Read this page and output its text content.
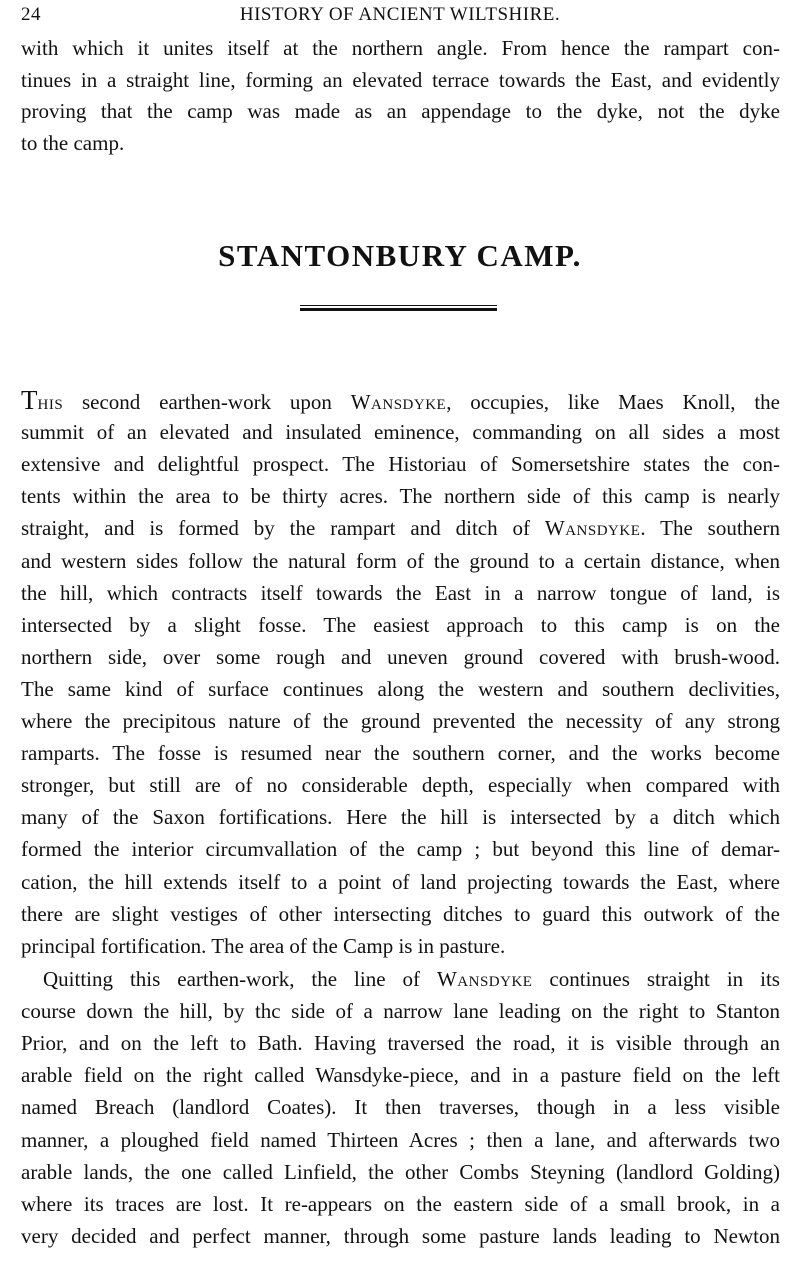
24	HISTORY OF ANCIENT WILTSHIRE.
STANTONBURY CAMP.
with which it unites itself at the northern angle. From hence the rampart con-
tinues in a straight line, forming an elevated terrace towards the East, and evidently
proving that the camp was made as an appendage to the dyke, not the dyke
to the camp.
This second earthen-work upon Wansdyke, occupies, like Maes Knoll, the
summit of an elevated and insulated eminence, commanding on all sides a most
extensive and delightful prospect. The Historiau of Somersetshire states the con-
tents within the area to be thirty acres. The northern side of this camp is nearly
straight, and is formed by the rampart and ditch of Wansdyke. The southern
and western sides follow the natural form of the ground to a certain distance, when
the hill, which contracts itself towards the East in a narrow tongue of land, is
intersected by a slight fosse. The easiest approach to this camp is on the
northern side, over some rough and uneven ground covered with brush-wood.
The same kind of surface continues along the western and southern declivities,
where the precipitous nature of the ground prevented the necessity of any strong
ramparts. The fosse is resumed near the southern corner, and the works become
stronger, but still are of no considerable depth, especially when compared with
many of the Saxon fortifications. Here the hill is intersected by a ditch which
formed the interior circumvallation of the camp ; but beyond this line of demar-
cation, the hill extends itself to a point of land projecting towards the East, where
there are slight vestiges of other intersecting ditches to guard this outwork of the
principal fortification. The area of the Camp is in pasture.
Quitting this earthen-work, the line of Wansdyke continues straight in its
course down the hill, by thc side of a narrow lane leading on the right to Stanton
Prior, and on the left to Bath. Having traversed the road, it is visible through an
arable field on the right called Wansdyke-piece, and in a pasture field on the left
named Breach (landlord Coates). It then traverses, though in a less visible
manner, a ploughed field named Thirteen Acres ; then a lane, and afterwards two
arable lands, the one called Linfield, the other Combs Steyning (landlord Golding)
where its traces are lost. It re-appears on the eastern side of a small brook, in a
very decided and perfect manner, through some pasture lands leading to Newton
